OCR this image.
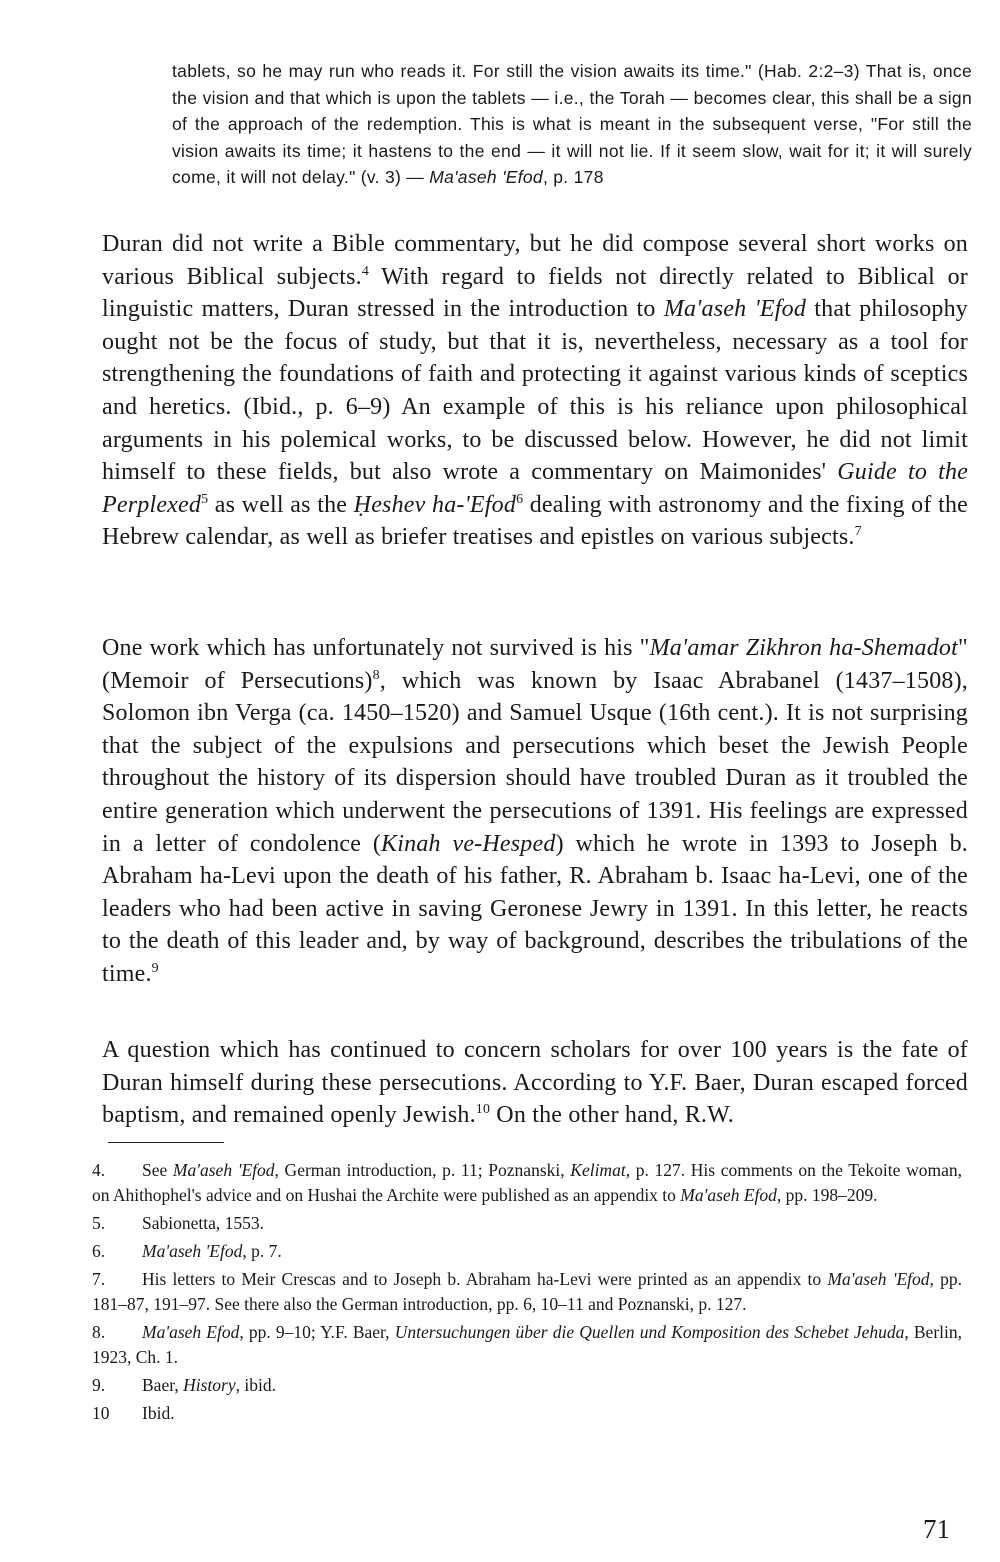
tablets, so he may run who reads it. For still the vision awaits its time." (Hab. 2:2–3) That is, once the vision and that which is upon the tablets — i.e., the Torah — becomes clear, this shall be a sign of the approach of the redemption. This is what is meant in the subsequent verse, "For still the vision awaits its time; it hastens to the end — it will not lie. If it seem slow, wait for it; it will surely come, it will not delay." (v. 3) — Ma'aseh 'Efod, p. 178
Duran did not write a Bible commentary, but he did compose several short works on various Biblical subjects.$^4$ With regard to fields not directly related to Biblical or linguistic matters, Duran stressed in the introduction to Ma'aseh 'Efod that philosophy ought not be the focus of study, but that it is, nevertheless, necessary as a tool for strengthening the foundations of faith and protecting it against various kinds of sceptics and heretics. (Ibid., p. 6–9) An example of this is his reliance upon philosophical arguments in his polemical works, to be discussed below. However, he did not limit himself to these fields, but also wrote a commentary on Maimonides' Guide to the Perplexed$^5$ as well as the Ḥeshev ha-'Efod$^6$ dealing with astronomy and the fixing of the Hebrew calendar, as well as briefer treatises and epistles on various subjects.$^7$
One work which has unfortunately not survived is his "Ma'amar Zikhron ha-Shemadot" (Memoir of Persecutions)$^8$, which was known by Isaac Abrabanel (1437–1508), Solomon ibn Verga (ca. 1450–1520) and Samuel Usque (16th cent.). It is not surprising that the subject of the expulsions and persecutions which beset the Jewish People throughout the history of its dispersion should have troubled Duran as it troubled the entire generation which underwent the persecutions of 1391. His feelings are expressed in a letter of condolence (Kinah ve-Hesped) which he wrote in 1393 to Joseph b. Abraham ha-Levi upon the death of his father, R. Abraham b. Isaac ha-Levi, one of the leaders who had been active in saving Geronese Jewry in 1391. In this letter, he reacts to the death of this leader and, by way of background, describes the tribulations of the time.$^9$
A question which has continued to concern scholars for over 100 years is the fate of Duran himself during these persecutions. According to Y.F. Baer, Duran escaped forced baptism, and remained openly Jewish.$^{10}$ On the other hand, R.W.
4. See Ma'aseh 'Efod, German introduction, p. 11; Poznanski, Kelimat, p. 127. His comments on the Tekoite woman, on Ahithophel's advice and on Hushai the Archite were published as an appendix to Ma'aseh Efod, pp. 198–209.
5. Sabionetta, 1553.
6. Ma'aseh 'Efod, p. 7.
7. His letters to Meir Crescas and to Joseph b. Abraham ha-Levi were printed as an appendix to Ma'aseh 'Efod, pp. 181–87, 191–97. See there also the German introduction, pp. 6, 10–11 and Poznanski, p. 127.
8. Ma'aseh Efod, pp. 9–10; Y.F. Baer, Untersuchungen über die Quellen und Komposition des Schebet Jehuda, Berlin, 1923, Ch. 1.
9. Baer, History, ibid.
10 Ibid.
71
